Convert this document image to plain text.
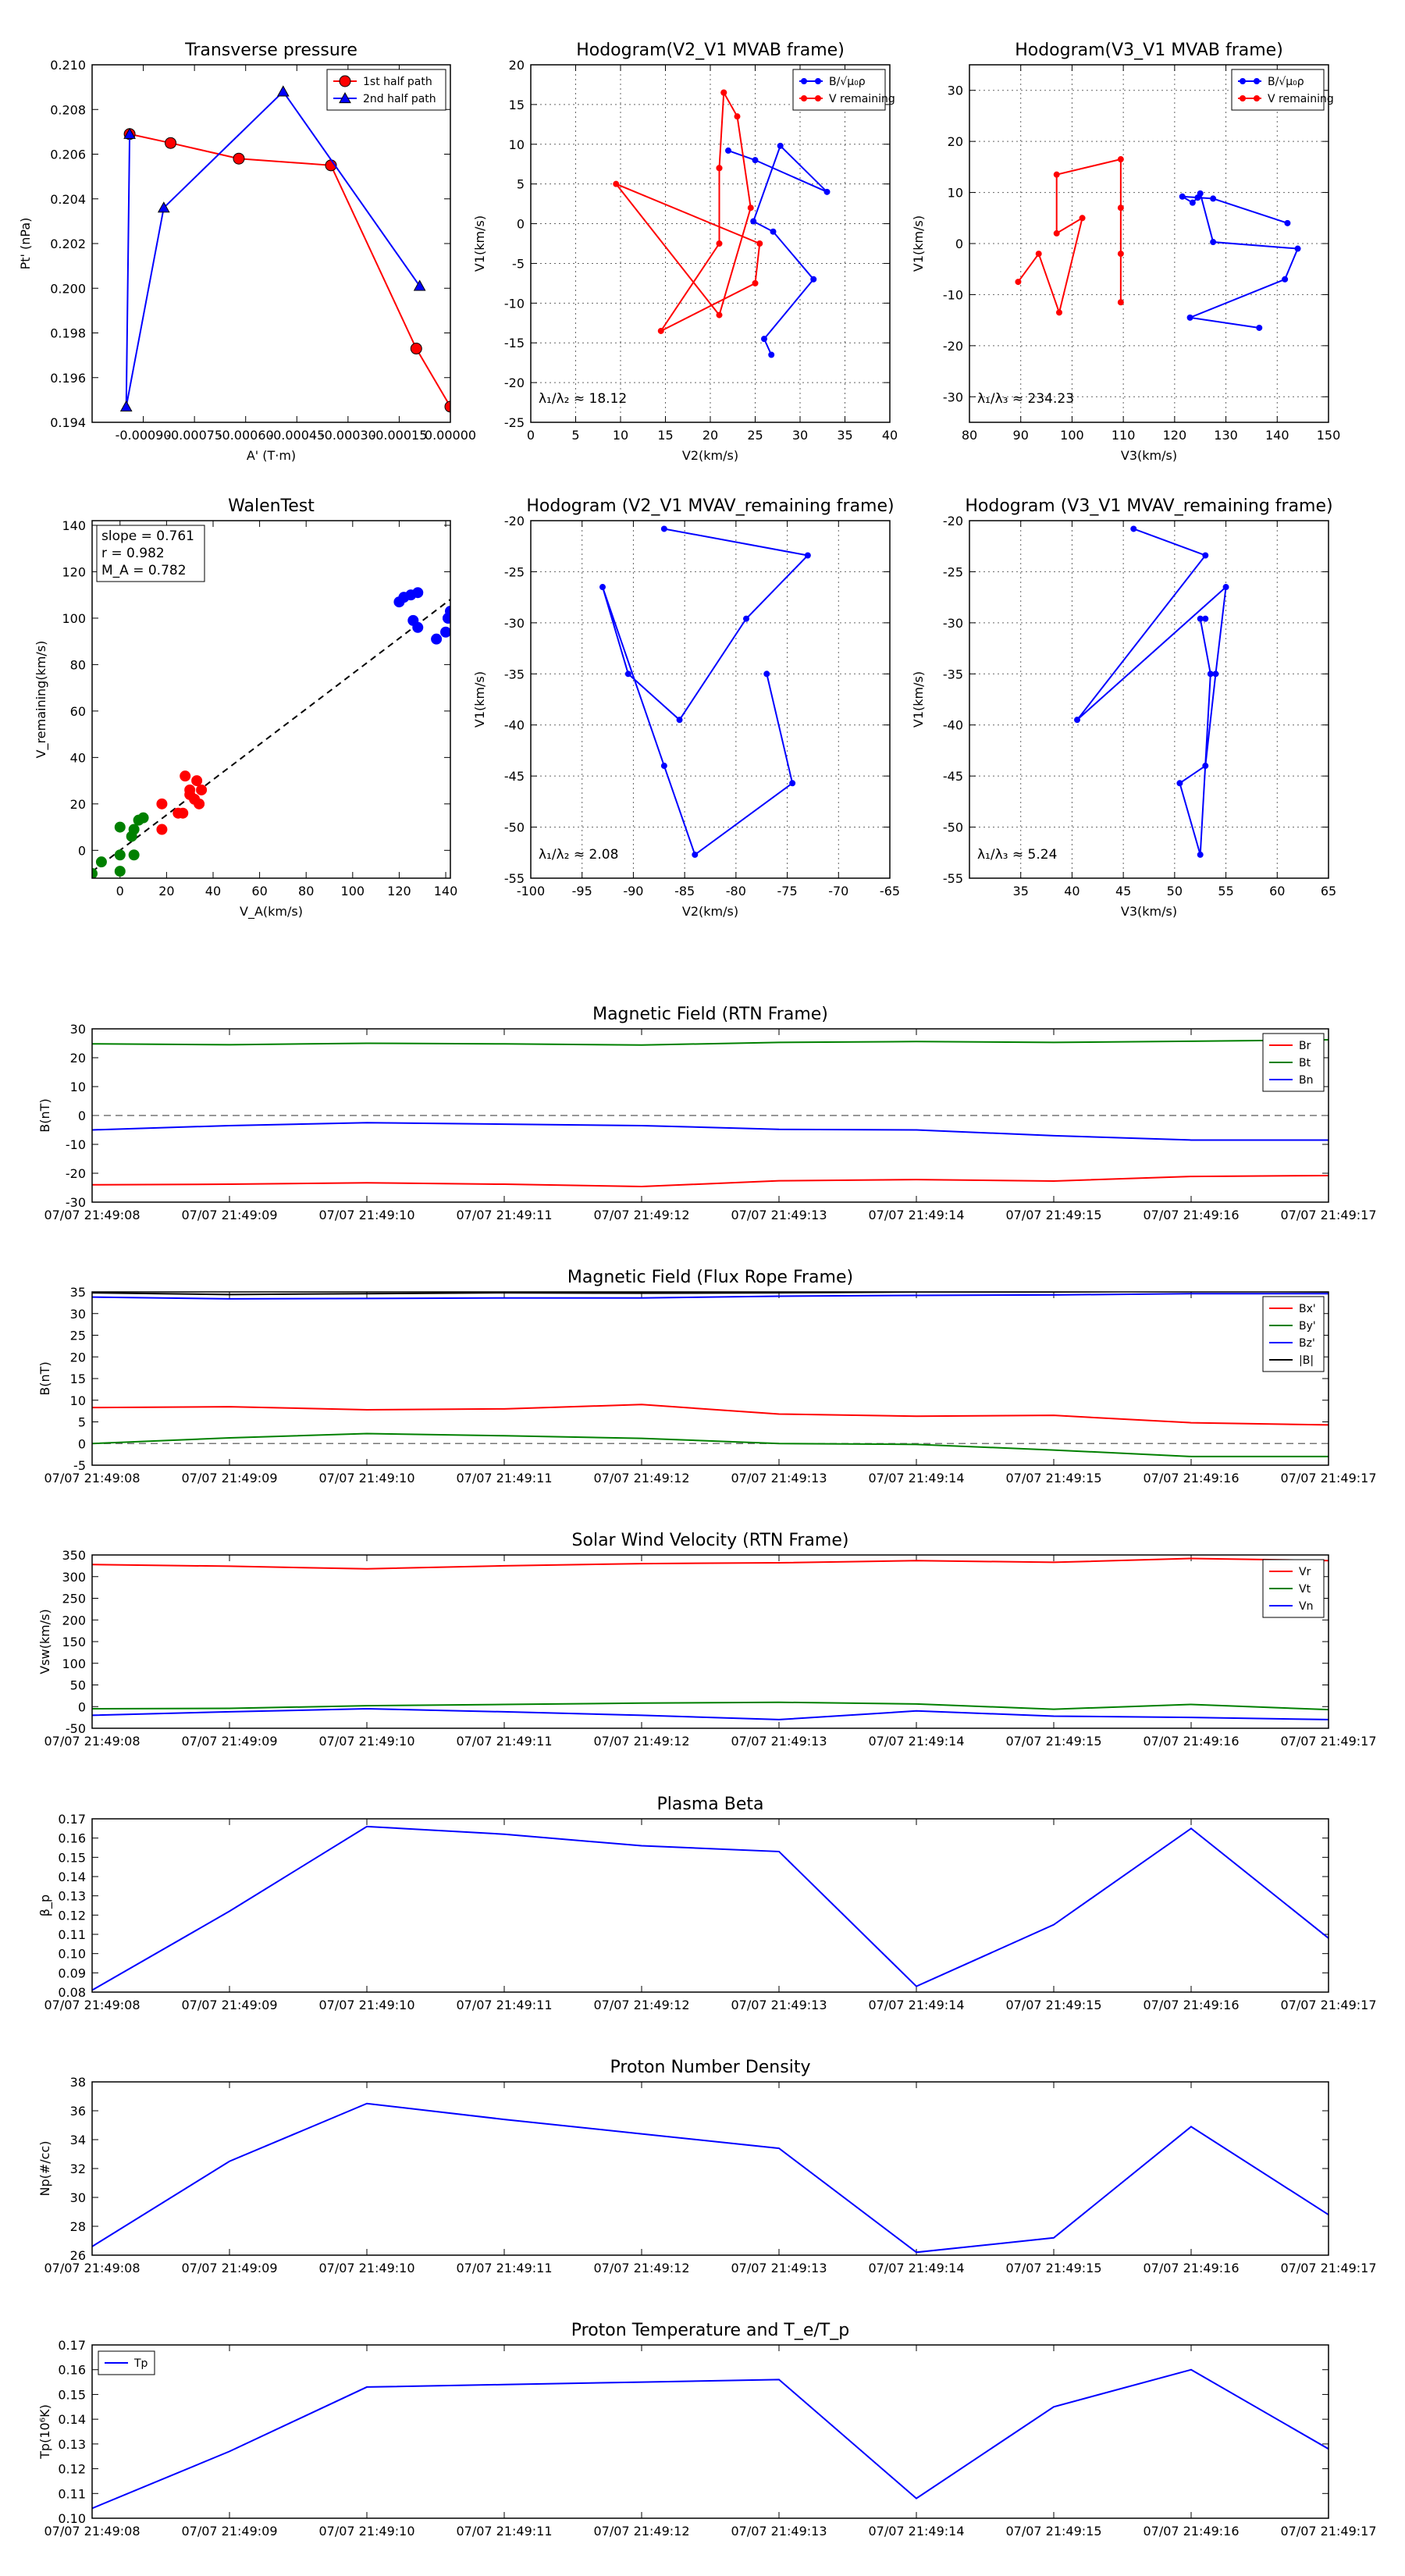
-0.00090
-0.00075
-0.00060
-0.00045
-0.00030
-0.00015
0.00000
0.194
0.196
0.198
0.200
0.202
0.204
0.206
0.208
0.210
Transverse pressure
A' (T·m)
Pt' (nPa)
1st half path
2nd half path
0	5	10 15 20 25 30 35 40
-25
-20
-15
-10
-5
0
5
10
15
20
Hodogram(V2_V1 MVAB frame)
V2(km/s)
V1(km/s)
λ₁/λ₂ ≈ 18.12
B/√μ₀ρ
V remaining
80	90	100 110 120 130 140 150
-30
-20
-10
0
10
20
30
Hodogram(V3_V1 MVAB frame)
V3(km/s)
V1(km/s)
λ₁/λ₃ ≈ 234.23
B/√μ₀ρ
V remaining
0	20 40 60 80 100 120 140
0
20
40
60
80
100
120
140
WalenTest
V_A(km/s)
V_remaining(km/s)
slope = 0.761
r = 0.982
M_A = 0.782
-100 -95 -90 -85 -80 -75 -70 -65
-55
-50
-45
-40
-35
-30
-25
-20
Hodogram (V2_V1 MVAV_remaining frame)
V2(km/s)
V1(km/s)
λ₁/λ₂ ≈ 2.08
35	40	45	50	55	60	65
-55
-50
-45
-40
-35
-30
-25
-20
Hodogram (V3_V1 MVAV_remaining frame)
V3(km/s)
V1(km/s)
λ₁/λ₃ ≈ 5.24
07/07 21:49:08	07/07 21:49:09	07/07 21:49:10	07/07 21:49:11	07/07 21:49:12	07/07 21:49:13	07/07 21:49:14	07/07 21:49:15	07/07 21:49:16	07/07 21:49:17
-30
-20
-10
0
10
20
30
Magnetic Field (RTN Frame)
B(nT)
Br
Bt
Bn
07/07 21:49:08	07/07 21:49:09	07/07 21:49:10	07/07 21:49:11	07/07 21:49:12	07/07 21:49:13	07/07 21:49:14	07/07 21:49:15	07/07 21:49:16	07/07 21:49:17
-5
0
5
10
15
20
25
30
35
Magnetic Field (Flux Rope Frame)
B(nT)
Bx'
By'
Bz'
|B|
07/07 21:49:08	07/07 21:49:09	07/07 21:49:10	07/07 21:49:11	07/07 21:49:12	07/07 21:49:13	07/07 21:49:14	07/07 21:49:15	07/07 21:49:16	07/07 21:49:17
-50
0
50
100
150
200
250
300
350
Solar Wind Velocity (RTN Frame)
Vsw(km/s)
Vr
Vt
Vn
07/07 21:49:08	07/07 21:49:09	07/07 21:49:10	07/07 21:49:11	07/07 21:49:12	07/07 21:49:13	07/07 21:49:14	07/07 21:49:15	07/07 21:49:16	07/07 21:49:17
0.08
0.09
0.10
0.11
0.12
0.13
0.14
0.15
0.16
0.17
Plasma Beta
β_p
07/07 21:49:08	07/07 21:49:09	07/07 21:49:10	07/07 21:49:11	07/07 21:49:12	07/07 21:49:13	07/07 21:49:14	07/07 21:49:15	07/07 21:49:16	07/07 21:49:17
26
28
30
32
34
36
38
Proton Number Density
Np(#/cc)
07/07 21:49:08	07/07 21:49:09	07/07 21:49:10	07/07 21:49:11	07/07 21:49:12	07/07 21:49:13	07/07 21:49:14	07/07 21:49:15	07/07 21:49:16	07/07 21:49:17
0.10
0.11
0.12
0.13
0.14
0.15
0.16
0.17
Proton Temperature and T_e/T_p
Tp(10⁶K)
Tp
